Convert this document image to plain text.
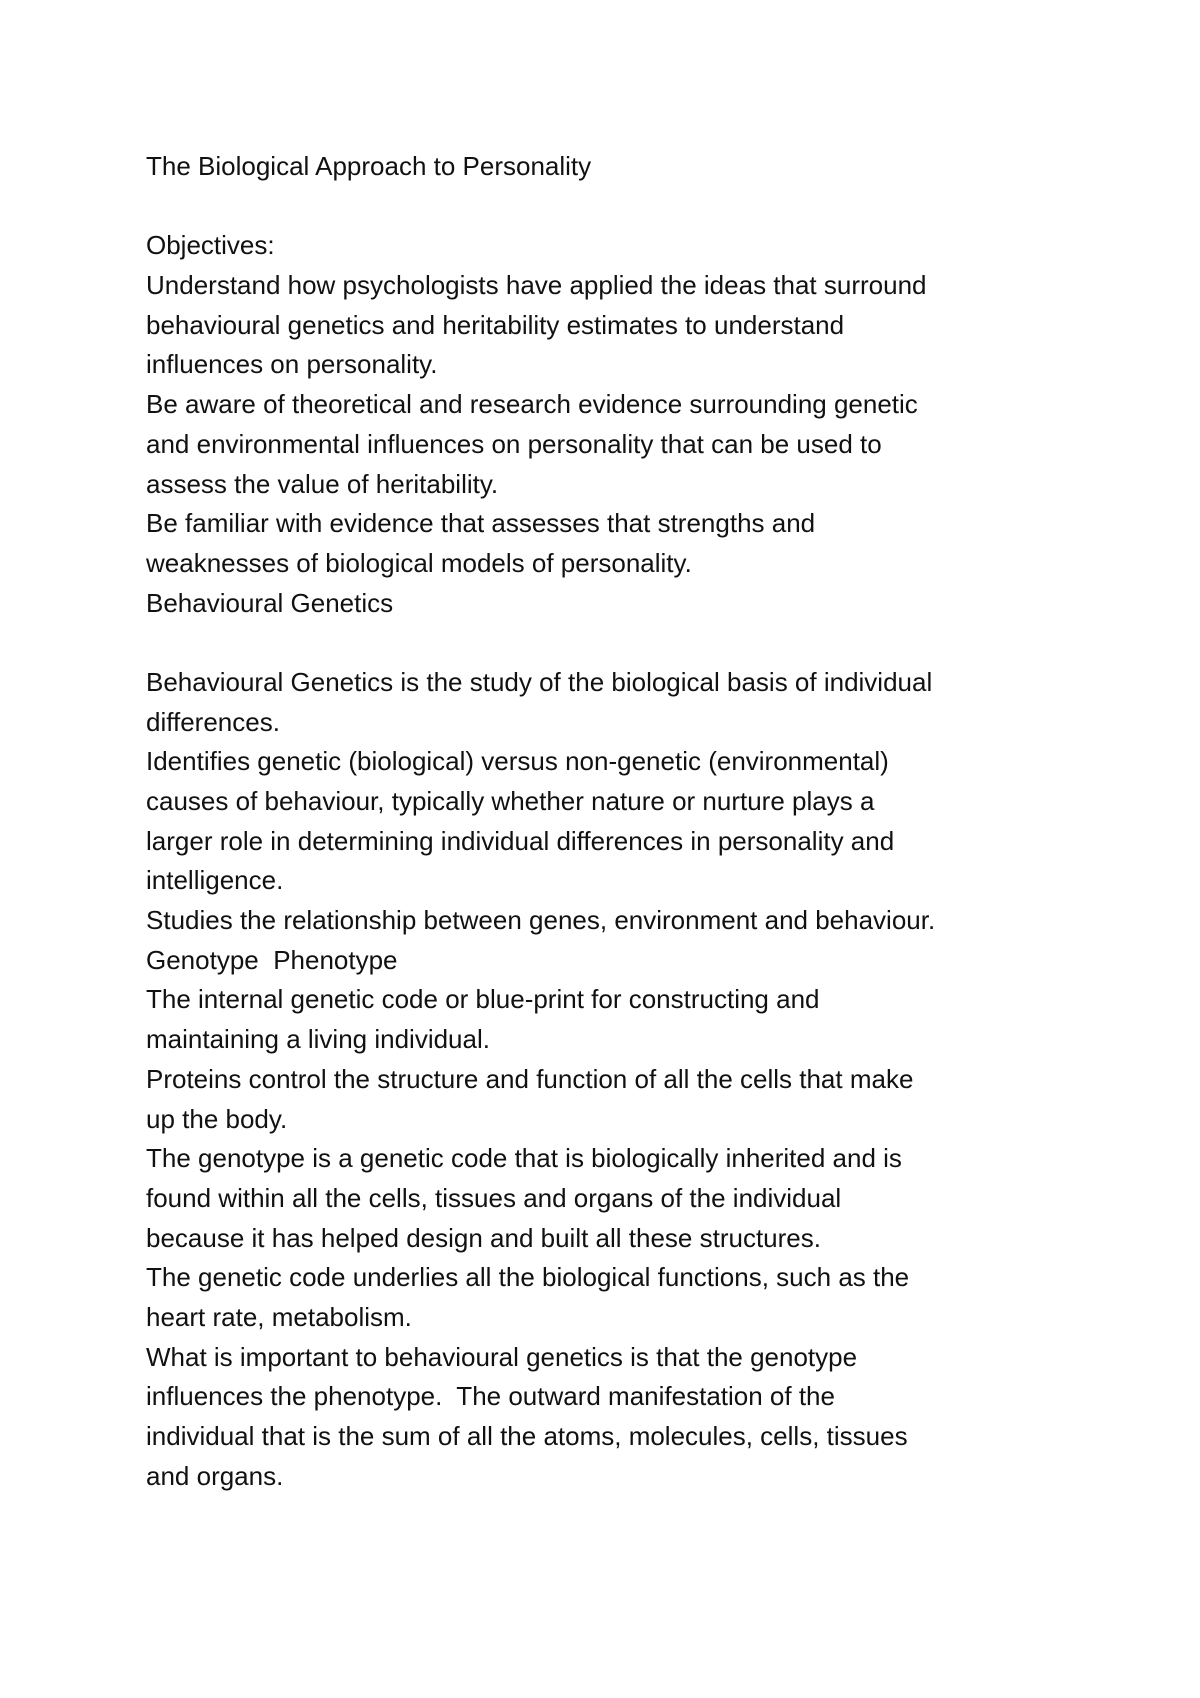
The Biological Approach to Personality
Objectives:
Understand how psychologists have applied the ideas that surround
behavioural genetics and heritability estimates to understand
influences on personality.
Be aware of theoretical and research evidence surrounding genetic
and environmental influences on personality that can be used to
assess the value of heritability.
Be familiar with evidence that assesses that strengths and
weaknesses of biological models of personality.
Behavioural Genetics
Behavioural Genetics is the study of the biological basis of individual
differences.
Identifies genetic (biological) versus non-genetic (environmental)
causes of behaviour, typically whether nature or nurture plays a
larger role in determining individual differences in personality and
intelligence.
Studies the relationship between genes, environment and behaviour.
Genotype  Phenotype
The internal genetic code or blue-print for constructing and
maintaining a living individual.
Proteins control the structure and function of all the cells that make
up the body.
The genotype is a genetic code that is biologically inherited and is
found within all the cells, tissues and organs of the individual
because it has helped design and built all these structures.
The genetic code underlies all the biological functions, such as the
heart rate, metabolism.
What is important to behavioural genetics is that the genotype
influences the phenotype.  The outward manifestation of the
individual that is the sum of all the atoms, molecules, cells, tissues
and organs.
